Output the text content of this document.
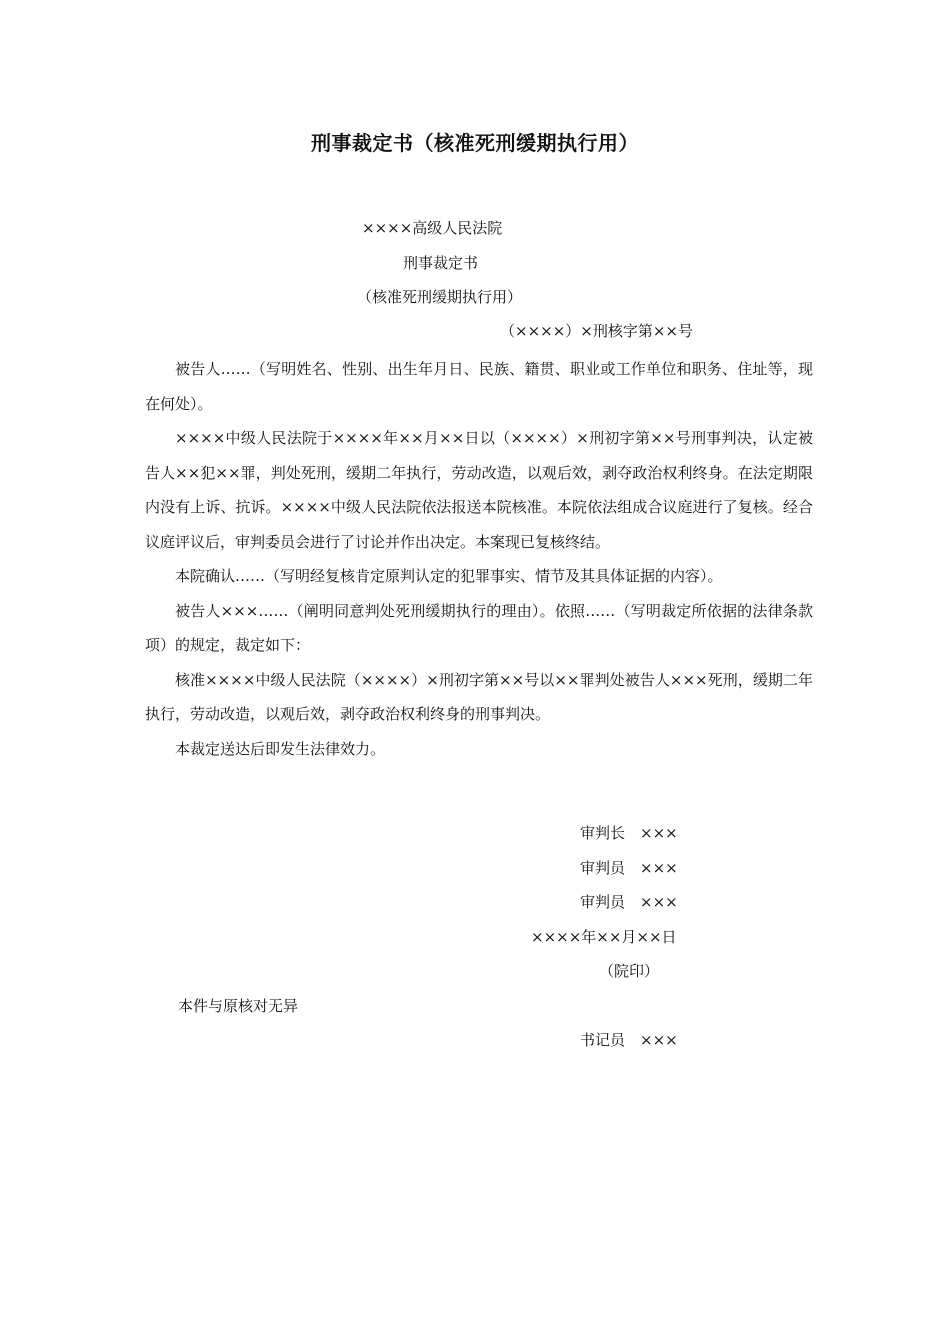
刑事裁定书（核准死刑缓期执行用）
××××高级人民法院
刑事裁定书
（核准死刑缓期执行用）
（××××）×刑核字第××号

被告人……（写明姓名、性别、出生年月日、民族、籍贯、职业或工作单位和职务、住址等，现在何处）。

××××中级人民法院于××××年××月××日以（××××）×刑初字第××号刑事判决，认定被告人××犯××罪，判处死刑，缓期二年执行，劳动改造，以观后效，剥夺政治权利终身。在法定期限内没有上诉、抗诉。××××中级人民法院依法报送本院核准。本院依法组成合议庭进行了复核。经合议庭评议后，审判委员会进行了讨论并作出决定。本案现已复核终结。

本院确认……（写明经复核肯定原判认定的犯罪事实、情节及其具体证据的内容）。

被告人×××……（阐明同意判处死刑缓期执行的理由）。依照……（写明裁定所依据的法律条款项）的规定，裁定如下：

核准××××中级人民法院（××××）×刑初字第××号以××罪判处被告人×××死刑，缓期二年执行，劳动改造，以观后效，剥夺政治权利终身的刑事判决。

本裁定送达后即发生法律效力。

审判长　×××
审判员　×××
审判员　×××
××××年××月××日
（院印）
本件与原核对无异
书记员　×××
